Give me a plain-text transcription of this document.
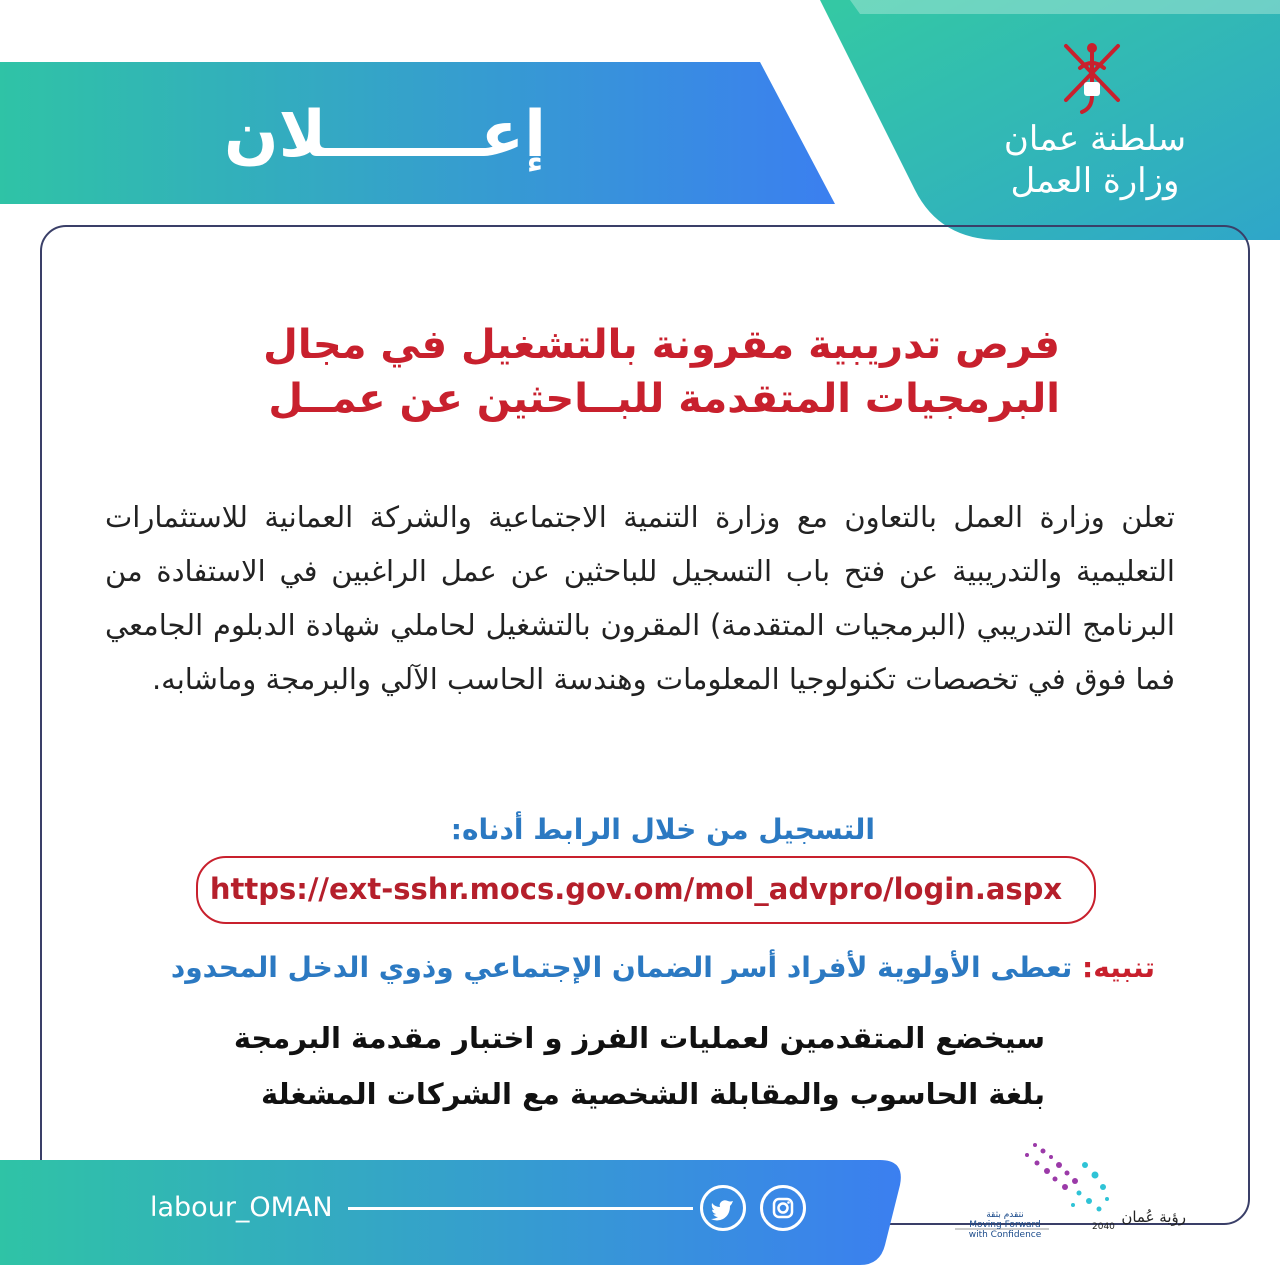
إعـــــــلان	سلطنة عمان
وزارة العمل
فرص تدريبية مقرونة بالتشغيل في مجال البرمجيات المتقدمة للبــاحثين عن عمــل
تعلن وزارة العمل بالتعاون مع وزارة التنمية الاجتماعية والشركة العمانية للاستثمارات التعليمية والتدريبية عن فتح باب التسجيل للباحثين عن عمل الراغبين في الاستفادة من البرنامج التدريبي (البرمجيات المتقدمة) المقرون بالتشغيل لحاملي شهادة الدبلوم الجامعي فما فوق في تخصصات تكنولوجيا المعلومات وهندسة الحاسب الآلي والبرمجة وماشابه.
التسجيل من خلال الرابط أدناه:
https://ext-sshr.mocs.gov.om/mol_advpro/login.aspx
تنبيه: تعطى الأولوية لأفراد أسر الضمان الإجتماعي وذوي الدخل المحدود
سيخضع المتقدمين لعمليات الفرز و اختبار مقدمة البرمجة
بلغة الحاسوب والمقابلة الشخصية مع الشركات المشغلة
labour_OMAN	نتقدم بثقة
Moving Forward with Confidence
رؤية عُمان
2040
